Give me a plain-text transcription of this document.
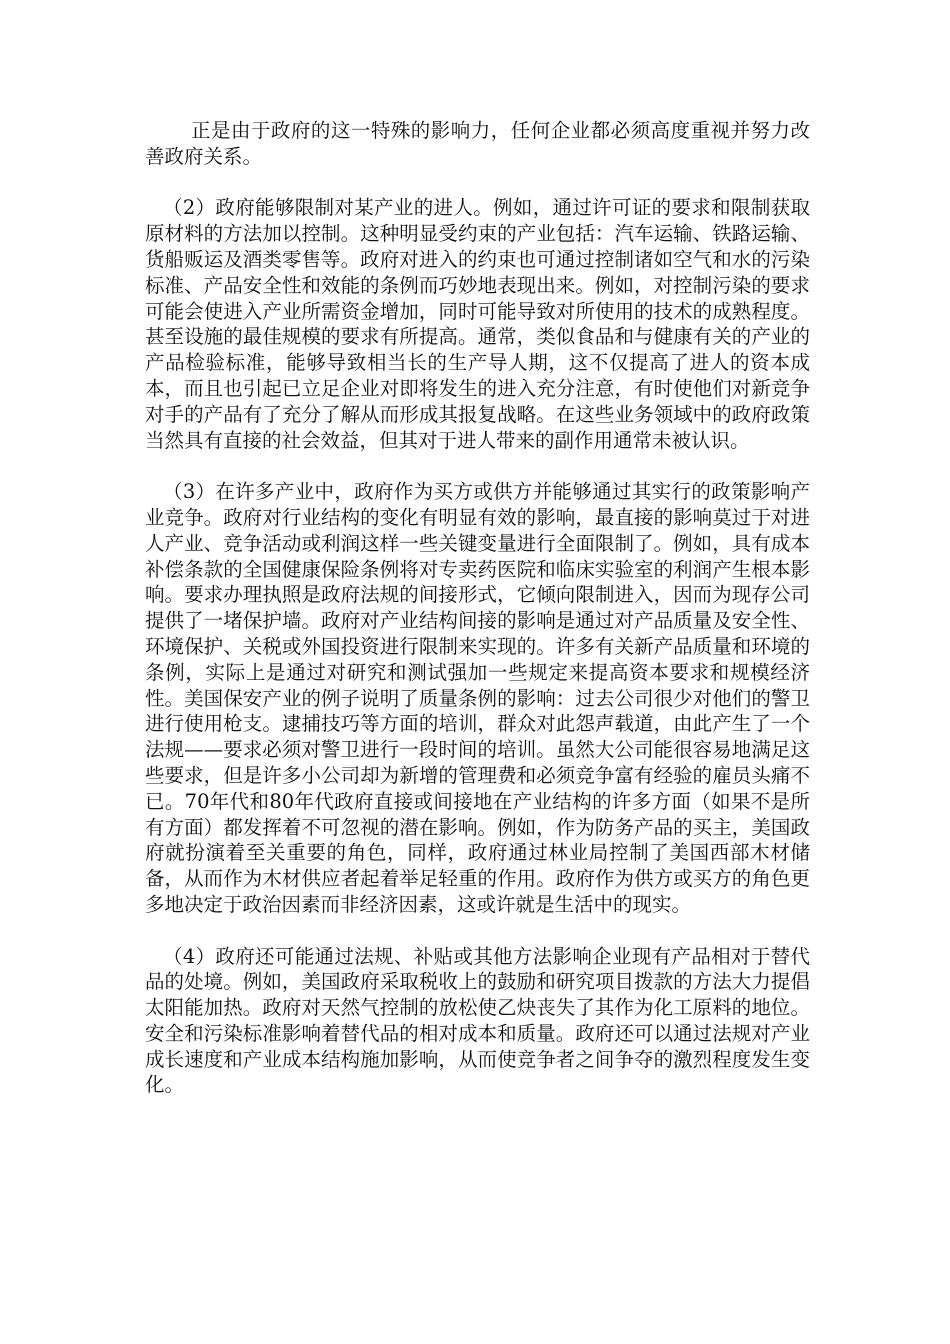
正是由于政府的这一特殊的影响力，任何企业都必须高度重视并努力改善政府关系。

（2）政府能够限制对某产业的进人。例如，通过许可证的要求和限制获取原材料的方法加以控制。这种明显受约束的产业包括：汽车运输、铁路运输、货船贩运及酒类零售等。政府对进入的约束也可通过控制诸如空气和水的污染标准、产品安全性和效能的条例而巧妙地表现出来。例如，对控制污染的要求可能会使进入产业所需资金增加，同时可能导致对所使用的技术的成熟程度。甚至设施的最佳规模的要求有所提高。通常，类似食品和与健康有关的产业的产品检验标准，能够导致相当长的生产导人期，这不仅提高了进人的资本成本，而且也引起已立足企业对即将发生的进入充分注意，有时使他们对新竞争对手的产品有了充分了解从而形成其报复战略。在这些业务领域中的政府政策当然具有直接的社会效益，但其对于进人带来的副作用通常未被认识。

（3）在许多产业中，政府作为买方或供方并能够通过其实行的政策影响产业竞争。政府对行业结构的变化有明显有效的影响，最直接的影响莫过于对进人产业、竞争活动或利润这样一些关键变量进行全面限制了。例如，具有成本补偿条款的全国健康保险条例将对专卖药医院和临床实验室的利润产生根本影响。要求办理执照是政府法规的间接形式，它倾向限制进入，因而为现存公司提供了一堵保护墙。政府对产业结构间接的影响是通过对产品质量及安全性、环境保护、关税或外国投资进行限制来实现的。许多有关新产品质量和环境的条例，实际上是通过对研究和测试强加一些规定来提高资本要求和规模经济性。美国保安产业的例子说明了质量条例的影响：过去公司很少对他们的警卫进行使用枪支。逮捕技巧等方面的培训，群众对此怨声载道，由此产生了一个法规——要求必须对警卫进行一段时间的培训。虽然大公司能很容易地满足这些要求，但是许多小公司却为新增的管理费和必须竞争富有经验的雇员头痛不已。70年代和80年代政府直接或间接地在产业结构的许多方面（如果不是所有方面）都发挥着不可忽视的潜在影响。例如，作为防务产品的买主，美国政府就扮演着至关重要的角色，同样，政府通过林业局控制了美国西部木材储备，从而作为木材供应者起着举足轻重的作用。政府作为供方或买方的角色更多地决定于政治因素而非经济因素，这或许就是生活中的现实。

（4）政府还可能通过法规、补贴或其他方法影响企业现有产品相对于替代品的处境。例如，美国政府采取税收上的鼓励和研究项目拨款的方法大力提倡太阳能加热。政府对天然气控制的放松使乙炔丧失了其作为化工原料的地位。安全和污染标准影响着替代品的相对成本和质量。政府还可以通过法规对产业成长速度和产业成本结构施加影响，从而使竞争者之间争夺的激烈程度发生变化。
